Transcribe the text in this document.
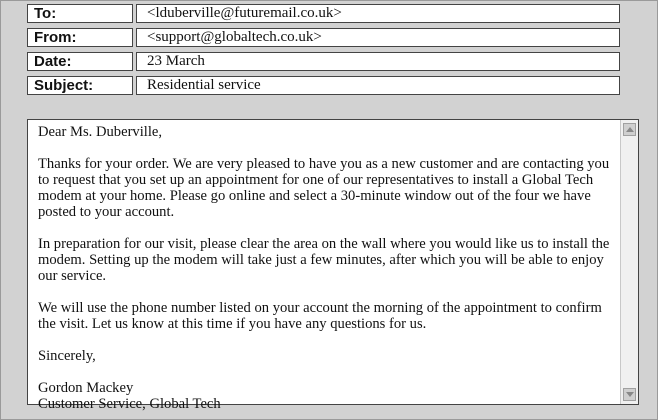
To:	<lduberville@futuremail.co.uk>
From:	<support@globaltech.co.uk>
Date:	23 March
Subject:	Residential service

Dear Ms. Duberville,

Thanks for your order. We are very pleased to have you as a new customer and are contacting you to request that you set up an appointment for one of our representatives to install a Global Tech modem at your home. Please go online and select a 30-minute window out of the four we have posted to your account.

In preparation for our visit, please clear the area on the wall where you would like us to install the modem. Setting up the modem will take just a few minutes, after which you will be able to enjoy our service.

We will use the phone number listed on your account the morning of the appointment to confirm the visit. Let us know at this time if you have any questions for us.

Sincerely,

Gordon Mackey

Customer Service, Global Tech
